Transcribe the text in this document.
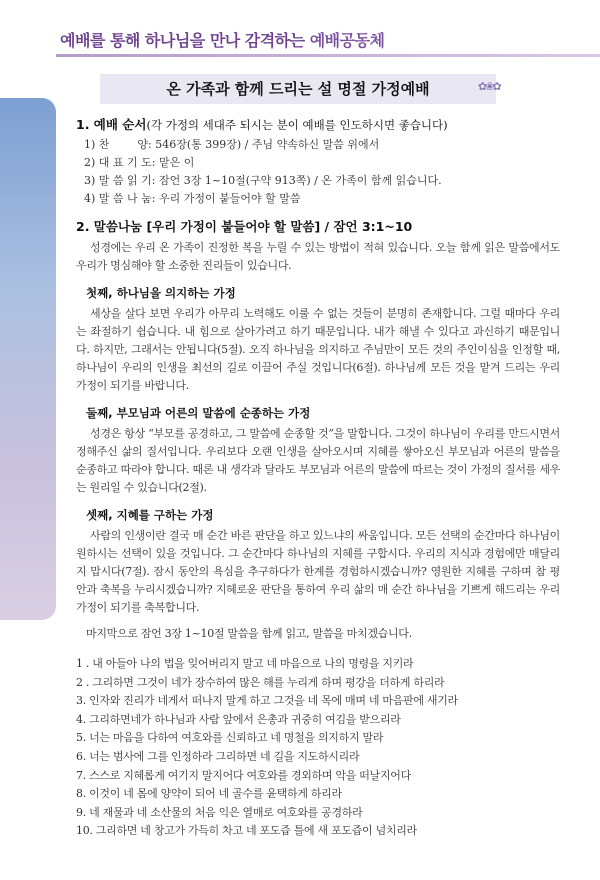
예배를 통해 하나님을 만나 감격하는 예배공동체
온 가족과 함께 드리는 설 명절 가정예배	✿❀✿
1. 예배 순서(각 가정의 세대주 되시는 분이 예배를 인도하시면 좋습니다)
1) 찬        양: 546장(통 399장) / 주님 약속하신 말씀 위에서
2) 대 표 기 도: 맡은 이
3) 말 씀 읽 기: 잠언 3장 1~10절(구약 913쪽) / 온 가족이 함께 읽습니다.
4) 말 씀 나 눔: 우리 가정이 붙들어야 할 말씀
2. 말씀나눔 [우리 가정이 붙들어야 할 말씀] / 잠언 3:1~10

성경에는 우리 온 가족이 진정한 복을 누릴 수 있는 방법이 적혀 있습니다. 오늘 함께 읽은 말씀에서도 우리가 명심해야 할 소중한 진리들이 있습니다.

첫째, 하나님을 의지하는 가정

세상을 살다 보면 우리가 아무리 노력해도 이룰 수 없는 것들이 분명히 존재합니다. 그럴 때마다 우리는 좌절하기 쉽습니다. 내 힘으로 살아가려고 하기 때문입니다. 내가 해낼 수 있다고 과신하기 때문입니다. 하지만, 그래서는 안됩니다(5절). 오직 하나님을 의지하고 주님만이 모든 것의 주인이심을 인정할 때, 하나님이 우리의 인생을 최선의 길로 이끌어 주실 것입니다(6절). 하나님께 모든 것을 맡겨 드리는 우리 가정이 되기를 바랍니다.

둘째, 부모님과 어른의 말씀에 순종하는 가정

성경은 항상 “부모를 공경하고, 그 말씀에 순종할 것”을 말합니다. 그것이 하나님이 우리를 만드시면서 정해주신 삶의 질서입니다. 우리보다 오랜 인생을 살아오시며 지혜를 쌓아오신 부모님과 어른의 말씀을 순종하고 따라야 합니다. 때론 내 생각과 달라도 부모님과 어른의 말씀에 따르는 것이 가정의 질서를 세우는 원리일 수 있습니다(2절).

셋째, 지혜를 구하는 가정

사람의 인생이란 결국 매 순간 바른 판단을 하고 있느냐의 싸움입니다. 모든 선택의 순간마다 하나님이 원하시는 선택이 있을 것입니다. 그 순간마다 하나님의 지혜를 구합시다. 우리의 지식과 경험에만 매달리지 맙시다(7절). 잠시 동안의 욕심을 추구하다가 한계를 경험하시겠습니까? 영원한 지혜를 구하며 참 평안과 축복을 누리시겠습니까? 지혜로운 판단을 통하여 우리 삶의 매 순간 하나님을 기쁘게 해드리는 우리 가정이 되기를 축복합니다.

마지막으로 잠언 3장 1~10절 말씀을 함께 읽고, 말씀을 마치겠습니다.

1 . 내 아들아 나의 법을 잊어버리지 말고 네 마음으로 나의 명령을 지키라
2 . 그리하면 그것이 네가 장수하여 많은 해를 누리게 하며 평강을 더하게 하리라
3. 인자와 진리가 네게서 떠나지 말게 하고 그것을 네 목에 매며 네 마음판에 새기라
4. 그리하면네가 하나님과 사람 앞에서 은총과 귀중히 여김을 받으리라
5. 너는 마음을 다하여 여호와를 신뢰하고 네 명철을 의지하지 말라
6. 너는 범사에 그를 인정하라 그리하면 네 길을 지도하시리라
7. 스스로 지혜롭게 여기지 말지어다 여호와를 경외하며 악을 떠날지어다
8. 이것이 네 몸에 양약이 되어 네 골수를 윤택하게 하리라
9. 네 재물과 네 소산물의 처음 익은 열매로 여호와를 공경하라
10. 그리하면 네 창고가 가득히 차고 네 포도즙 틀에 새 포도즙이 넘치리라
